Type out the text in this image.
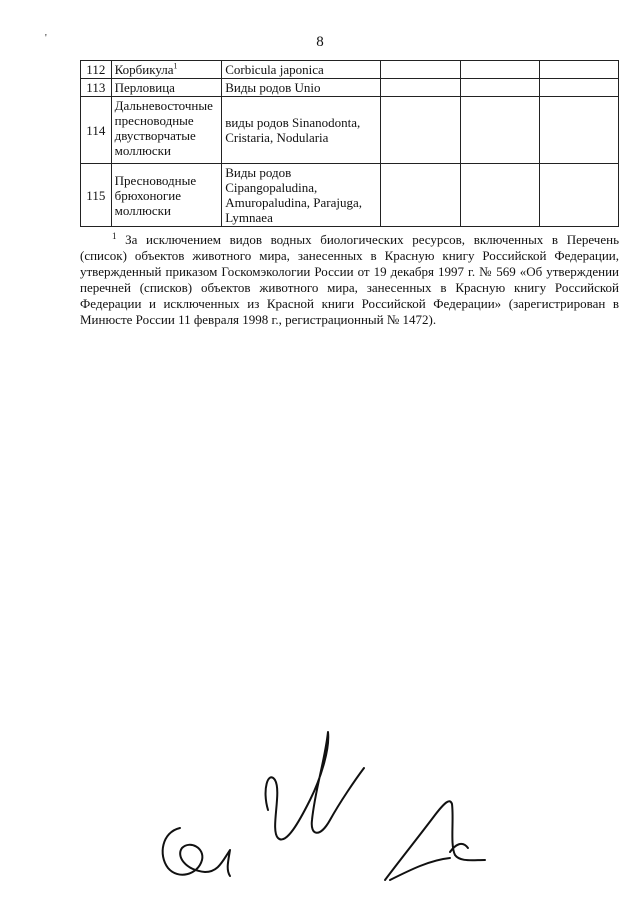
'	8
112	Корбикула$^1$	Corbicula japonica			
113	Перловица	Виды родов Unio			
114	Дальневосточные пресноводные двустворчатые моллюски	виды родов Sinanodonta, Cristaria, Nodularia			
115	Пресноводные брюхоногие моллюски	Виды родов Cipangopaludina, Amuropaludina, Parajuga, Lymnaea			
$^1$ За исключением видов водных биологических ресурсов, включенных в Перечень (список) объектов животного мира, занесенных в Красную книгу Российской Федерации, утвержденный приказом Госкомэкологии России от 19 декабря 1997 г. № 569 «Об утверждении перечней (списков) объектов животного мира, занесенных в Красную книгу Российской Федерации и исключенных из Красной книги Российской Федерации» (зарегистрирован в Минюсте России 11 февраля 1998 г., регистрационный № 1472).
